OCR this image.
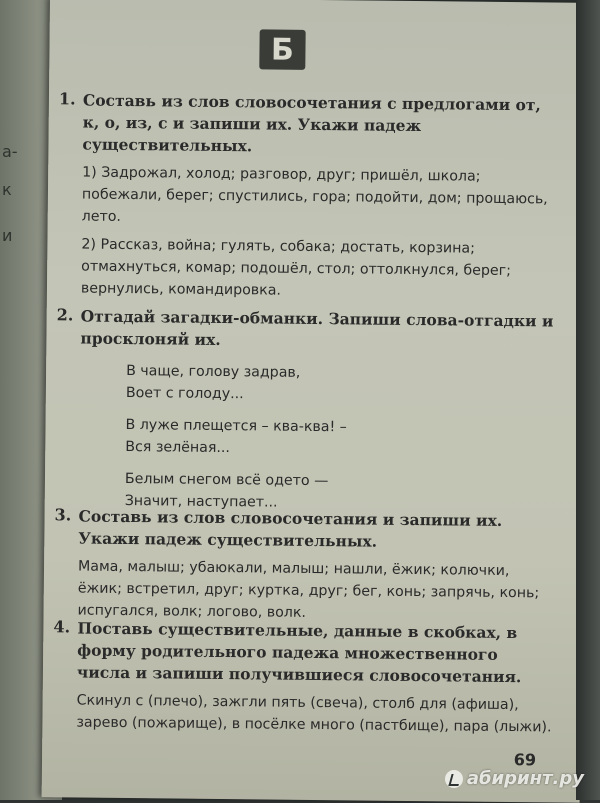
а-
к
и
Б
1. Составь из слов словосочетания с предлогами от, к, о, из, с и запиши их. Укажи падеж существительных.

1) Задрожал, холод; разговор, друг; пришёл, школа; побежали, берег; спустились, гора; подойти, дом; прощаюсь, лето.

2) Рассказ, война; гулять, собака; достать, корзина; отмахнуться, комар; подошёл, стол; оттолкнулся, берег; вернулись, командировка.

2. Отгадай загадки-обманки. Запиши слова-отгадки и просклоняй их.
В чаще, голову задрав,
Воет с голоду...
В луже плещется – ква-ква! –
Вся зелёная...
Белым снегом всё одето —
Значит, наступает...
3. Составь из слов словосочетания и запиши их. Укажи падеж существительных.

Мама, малыш; убаюкали, малыш; нашли, ёжик; колючки, ёжик; встретил, друг; куртка, друг; бег, конь; запрячь, конь; испугался, волк; логово, волк.

4. Поставь существительные, данные в скобках, в форму родительного падежа множественного числа и запиши получившиеся словосочетания.

Скинул с (плечо), зажгли пять (свеча), столб для (афиша), зарево (пожарище), в посёлке много (пастбище), пара (лыжи).

69
абиринт.ру
